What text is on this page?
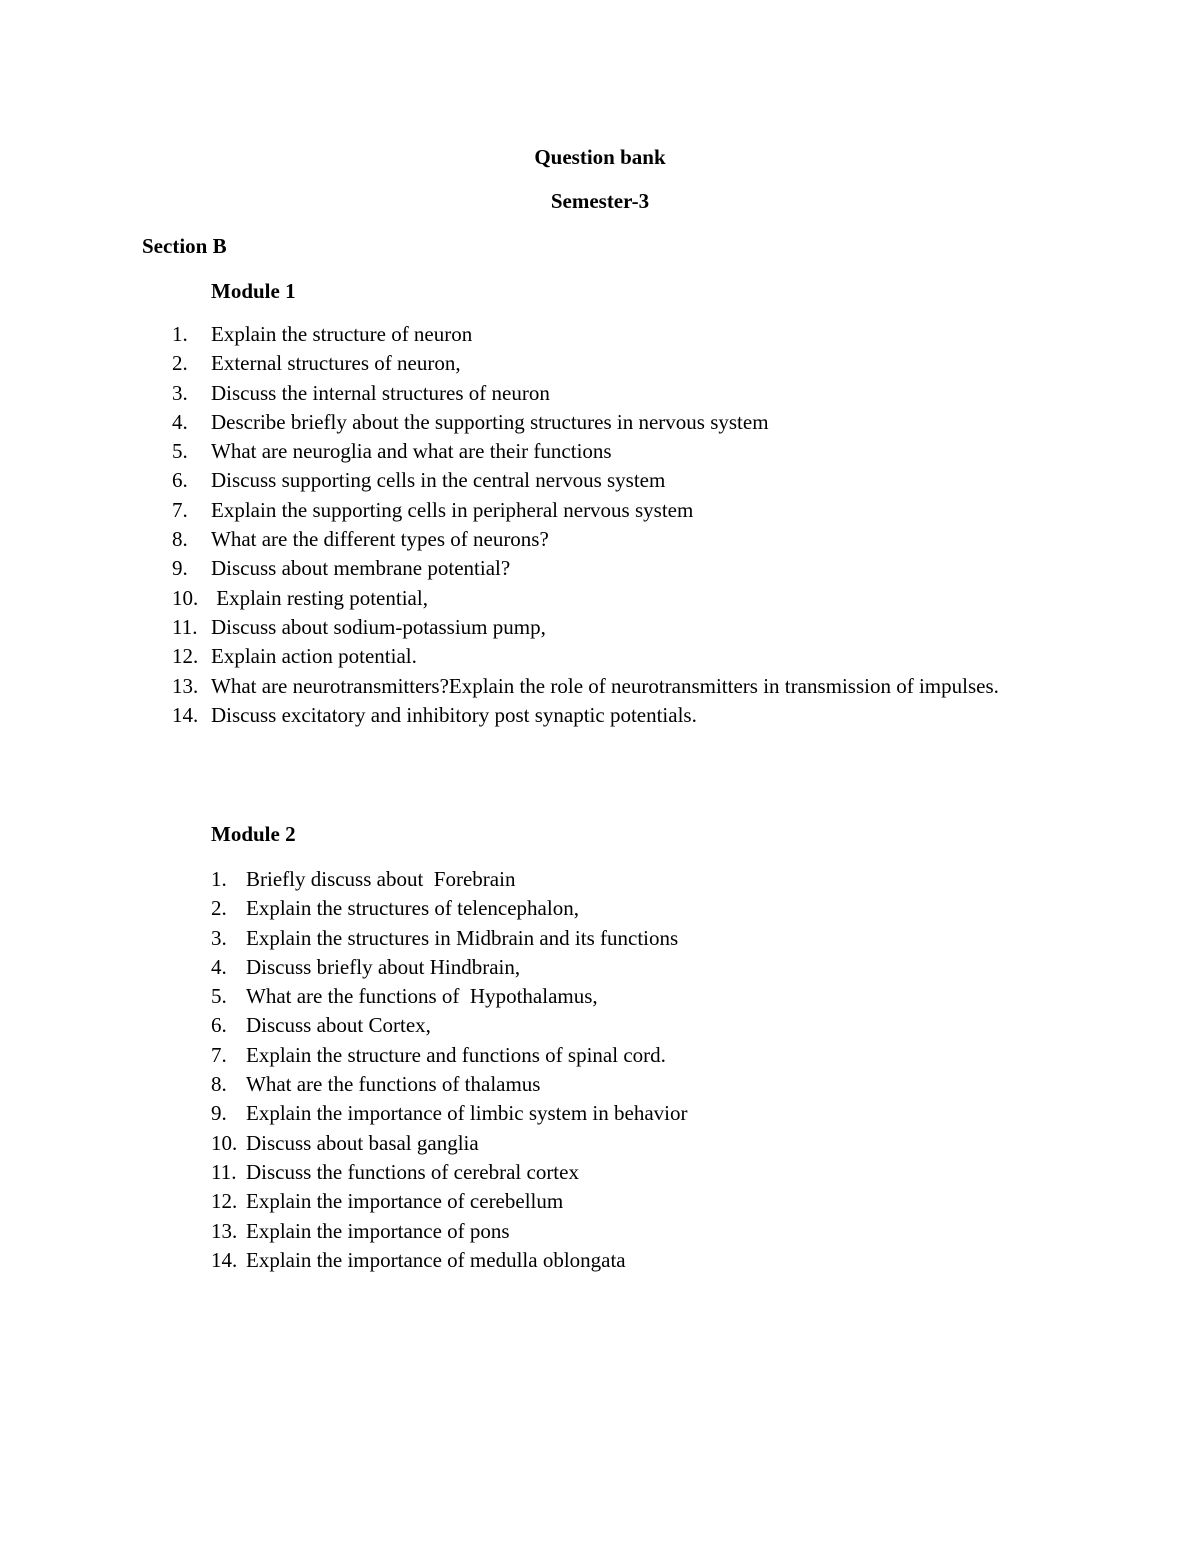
Question bank
Semester-3
Section B
Module 1
1.	Explain the structure of neuron
2.	External structures of neuron,
3.	Discuss the internal structures of neuron
4.	Describe briefly about the supporting structures in nervous system
5.	What are neuroglia and what are their functions
6.	Discuss supporting cells in the central nervous system
7.	Explain the supporting cells in peripheral nervous system
8.	What are the different types of neurons?
9.	Discuss about membrane potential?
10. Explain resting potential,
11. Discuss about sodium-potassium pump,
12. Explain action potential.
13. What are neurotransmitters?Explain the role of neurotransmitters in transmission of impulses.
14. Discuss excitatory and inhibitory post synaptic potentials.
Module 2
1. Briefly discuss about  Forebrain
2. Explain the structures of telencephalon,
3. Explain the structures in Midbrain and its functions
4. Discuss briefly about Hindbrain,
5. What are the functions of  Hypothalamus,
6. Discuss about Cortex,
7. Explain the structure and functions of spinal cord.
8. What are the functions of thalamus
9. Explain the importance of limbic system in behavior
10. Discuss about basal ganglia
11. Discuss the functions of cerebral cortex
12. Explain the importance of cerebellum
13. Explain the importance of pons
14. Explain the importance of medulla oblongata
